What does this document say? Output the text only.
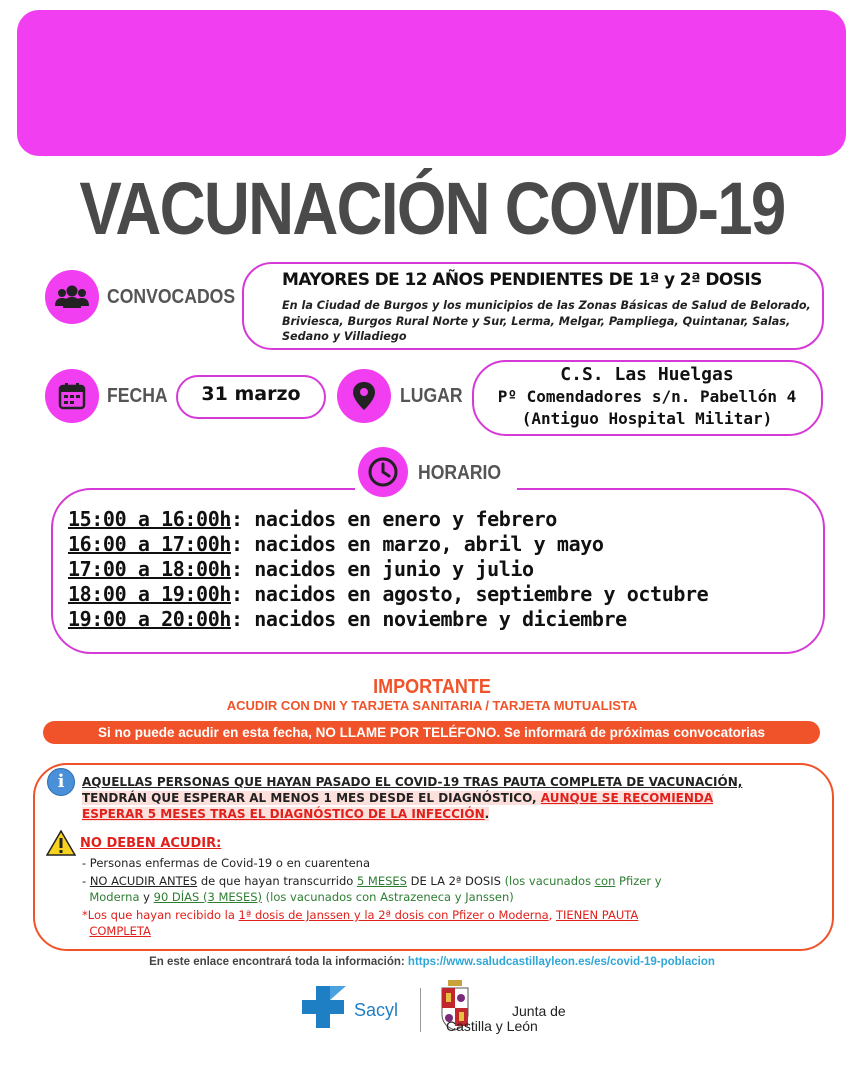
VACUNACIÓN COVID-19
CONVOCADOS
MAYORES DE 12 AÑOS PENDIENTES DE 1ª y 2ª DOSIS
En la Ciudad de Burgos y los municipios de las Zonas Básicas de Salud de Belorado, Briviesca, Burgos Rural Norte y Sur, Lerma, Melgar, Pampliega, Quintanar, Salas, Sedano y Villadiego
FECHA	31 marzo	LUGAR
C.S. Las Huelgas
Pº Comendadores s/n. Pabellón 4
(Antiguo Hospital Militar)
HORARIO
15:00 a 16:00h: nacidos en enero y febrero
16:00 a 17:00h: nacidos en marzo, abril y mayo
17:00 a 18:00h: nacidos en junio y julio
18:00 a 19:00h: nacidos en agosto, septiembre y octubre
19:00 a 20:00h: nacidos en noviembre y diciembre
IMPORTANTE
ACUDIR CON DNI Y TARJETA SANITARIA / TARJETA MUTUALISTA
Si no puede acudir en esta fecha, NO LLAME POR TELÉFONO. Se informará de próximas convocatorias
i	AQUELLAS PERSONAS QUE HAYAN PASADO EL COVID-19 TRAS PAUTA COMPLETA DE VACUNACIÓN,
TENDRÁN QUE ESPERAR AL MENOS 1 MES DESDE EL DIAGNÓSTICO, AUNQUE SE RECOMIENDA
ESPERAR 5 MESES TRAS EL DIAGNÓSTICO DE LA INFECCIÓN.
NO DEBEN ACUDIR:
- Personas enfermas de Covid-19 o en cuarentena
- NO ACUDIR ANTES de que hayan transcurrido 5 MESES DE LA 2ª DOSIS (los vacunados con Pfizer y
Moderna y 90 DÍAS (3 MESES) (los vacunados con Astrazeneca y Janssen)
*Los que hayan recibido la 1ª dosis de Janssen y la 2ª dosis con Pfizer o Moderna, TIENEN PAUTA
COMPLETA
En este enlace encontrará toda la información: https://www.saludcastillayleon.es/es/covid-19-poblacion
Sacyl	Junta de
Castilla y León
